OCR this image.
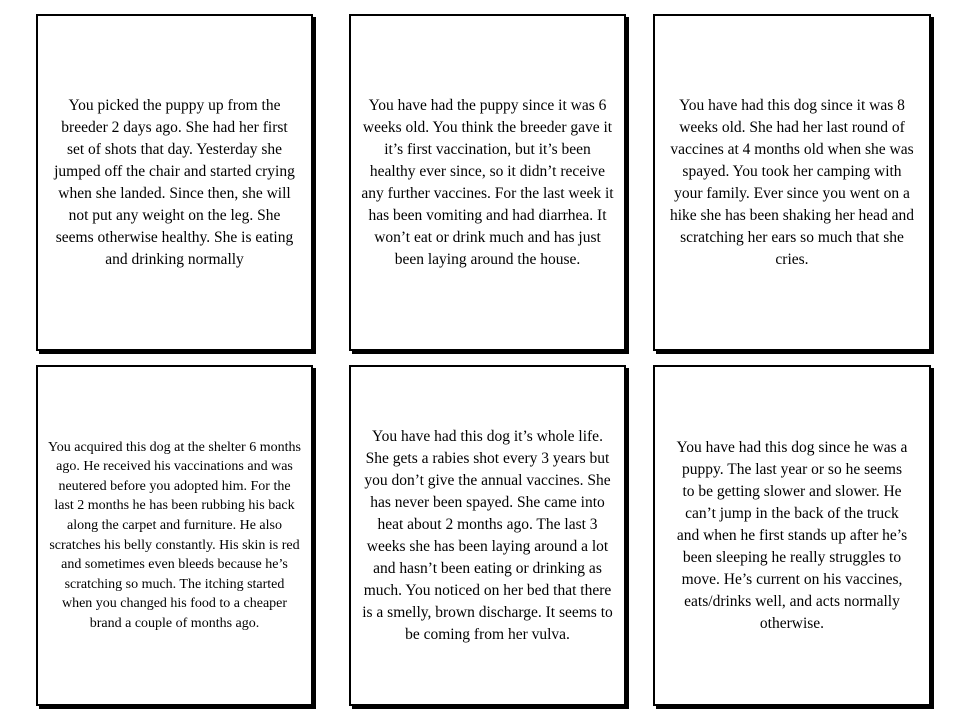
You picked the puppy up from the breeder 2 days ago. She had her first set of shots that day. Yesterday she jumped off the chair and started crying when she landed. Since then, she will not put any weight on the leg. She seems otherwise healthy. She is eating and drinking normally

You have had the puppy since it was 6 weeks old. You think the breeder gave it it’s first vaccination, but it’s been healthy ever since, so it didn’t receive any further vaccines. For the last week it has been vomiting and had diarrhea. It won’t eat or drink much and has just been laying around the house.

You have had this dog since it was 8 weeks old. She had her last round of vaccines at 4 months old when she was spayed. You took her camping with your family. Ever since you went on a hike she has been shaking her head and scratching her ears so much that she cries.

You acquired this dog at the shelter 6 months ago. He received his vaccinations and was neutered before you adopted him. For the last 2 months he has been rubbing his back along the carpet and furniture. He also scratches his belly constantly. His skin is red and sometimes even bleeds because he’s scratching so much. The itching started when you changed his food to a cheaper brand a couple of months ago.

You have had this dog it’s whole life. She gets a rabies shot every 3 years but you don’t give the annual vaccines. She has never been spayed. She came into heat about 2 months ago. The last 3 weeks she has been laying around a lot and hasn’t been eating or drinking as much. You noticed on her bed that there is a smelly, brown discharge. It seems to be coming from her vulva.

You have had this dog since he was a puppy. The last year or so he seems to be getting slower and slower. He can’t jump in the back of the truck and when he first stands up after he’s been sleeping he really struggles to move. He’s current on his vaccines, eats/drinks well, and acts normally otherwise.
